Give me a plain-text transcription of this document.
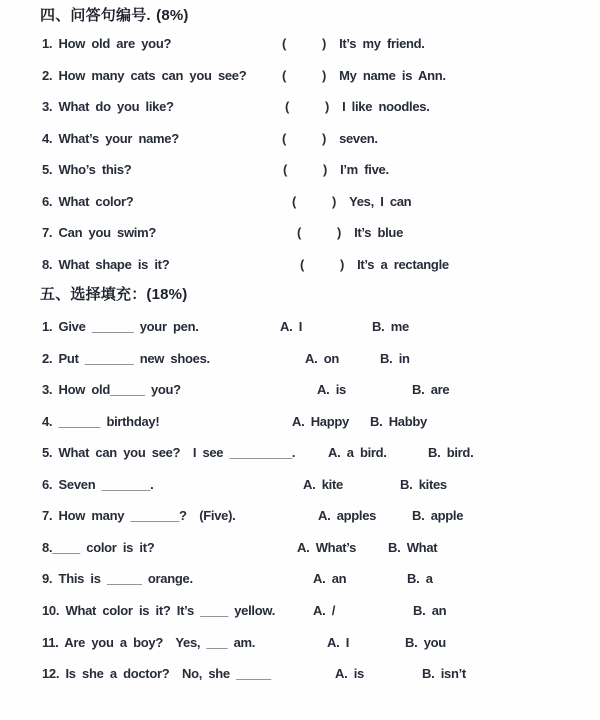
四、问答句编号. (8%)
1. How old are you?	(	) It’s my friend.
2. How many cats can you see?	(	) My name is Ann.
3. What do you like?	(	) I like noodles.
4. What’s your name?	(	) seven.
5. Who’s this?	(	) I’m five.
6. What color?	(	) Yes, I can
7. Can you swim?	(	) It’s blue
8. What shape is it?	(	) It’s a rectangle
五、选择填充：(18%)
1. Give ______ your pen.	A. I	B. me
2. Put _______ new shoes.	A. on	B. in
3. How old_____ you?	A. is	B. are
4. ______ birthday!	A. Happy B. Habby
5. What can you see?  I see _________.	A. a bird.	B. bird.
6. Seven _______.	A. kite	B. kites
7. How many _______?  (Five).	A. apples	B. apple
8.____ color is it?	A. What’s B. What
9. This is _____ orange.	A. an	B. a
10. What color is it? It’s ____ yellow.	A. /	B. an
11. Are you a boy?  Yes, ___ am.	A. I	B. you
12. Is she a doctor?  No, she _____	A. is	B. isn’t
